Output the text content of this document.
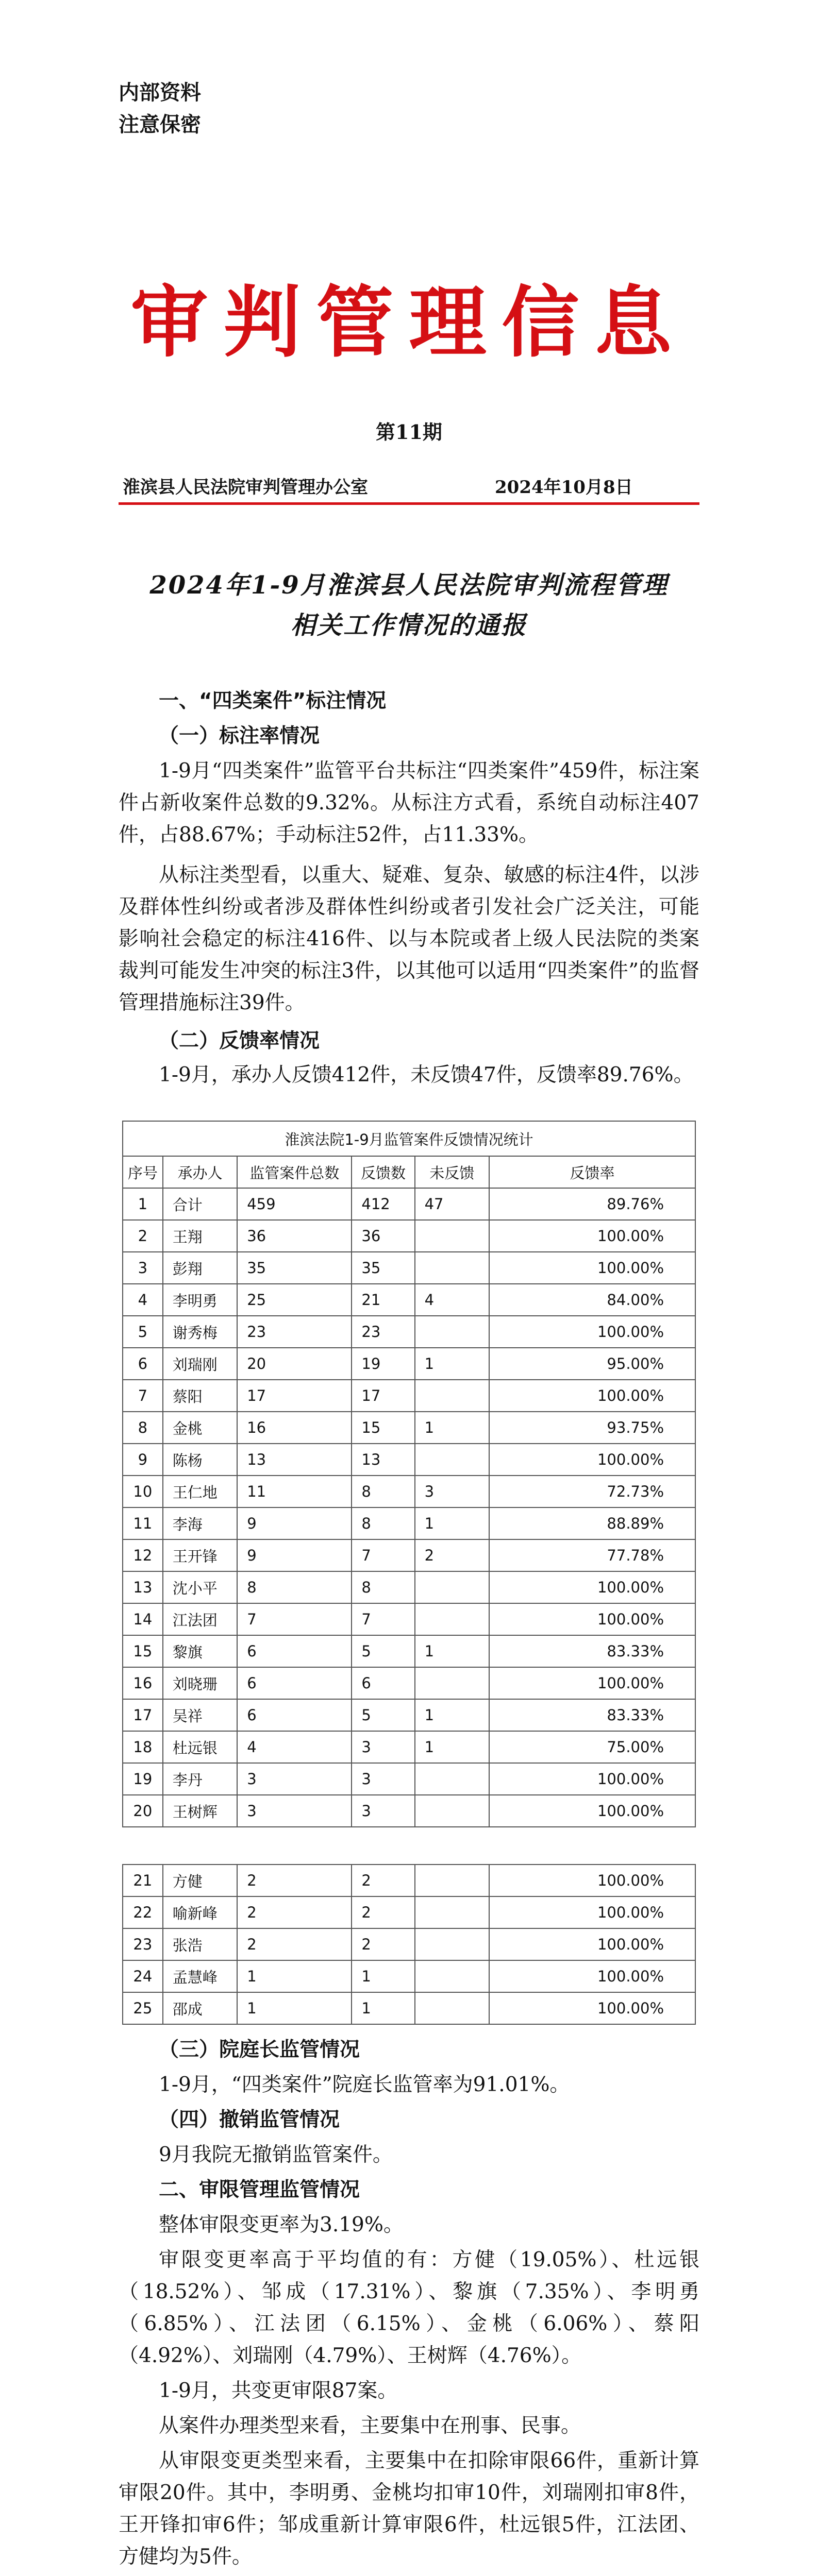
内部资料
注意保密
审判管理信息
第11期
淮滨县人民法院审判管理办公室	2024年10月8日
2024年1-9月淮滨县人民法院审判流程管理
相关工作情况的通报
一、“四类案件”标注情况
（一）标注率情况
1-9月“四类案件”监管平台共标注“四类案件”459件，标注案件占新收案件总数的9.32%。从标注方式看，系统自动标注407件，占88.67%；手动标注52件，占11.33%。
从标注类型看，以重大、疑难、复杂、敏感的标注4件，以涉及群体性纠纷或者涉及群体性纠纷或者引发社会广泛关注，可能影响社会稳定的标注416件、以与本院或者上级人民法院的类案裁判可能发生冲突的标注3件，以其他可以适用“四类案件”的监督管理措施标注39件。
（二）反馈率情况
1-9月，承办人反馈412件，未反馈47件，反馈率89.76%。
淮滨法院1-9月监管案件反馈情况统计					
序号	承办人	监管案件总数	反馈数	未反馈	反馈率
1	合计	459	412	47	89.76%
2	王翔	36	36		100.00%
3	彭翔	35	35		100.00%
4	李明勇	25	21	4	84.00%
5	谢秀梅	23	23		100.00%
6	刘瑞刚	20	19	1	95.00%
7	蔡阳	17	17		100.00%
8	金桃	16	15	1	93.75%
9	陈杨	13	13		100.00%
10	王仁地	11	8	3	72.73%
11	李海	9	8	1	88.89%
12	王开锋	9	7	2	77.78%
13	沈小平	8	8		100.00%
14	江法团	7	7		100.00%
15	黎旗	6	5	1	83.33%
16	刘晓珊	6	6		100.00%
17	吴祥	6	5	1	83.33%
18	杜远银	4	3	1	75.00%
19	李丹	3	3		100.00%
20	王树辉	3	3		100.00%
21	方健	2	2		100.00%
22	喻新峰	2	2		100.00%
23	张浩	2	2		100.00%
24	孟慧峰	1	1		100.00%
25	邵成	1	1		100.00%
（三）院庭长监管情况
1-9月，“四类案件”院庭长监管率为91.01%。
（四）撤销监管情况
9月我院无撤销监管案件。
二、审限管理监管情况
整体审限变更率为3.19%。
审限变更率高于平均值的有：方健（19.05%）、杜远银（18.52%）、邹成（17.31%）、黎旗（7.35%）、李明勇（6.85%）、江法团（6.15%）、金桃（6.06%）、蔡阳（4.92%）、刘瑞刚（4.79%）、王树辉（4.76%）。
1-9月，共变更审限87案。
从案件办理类型来看，主要集中在刑事、民事。
从审限变更类型来看，主要集中在扣除审限66件，重新计算审限20件。其中，李明勇、金桃均扣审10件，刘瑞刚扣审8件，王开锋扣审6件；邹成重新计算审限6件，杜远银5件，江法团、方健均为5件。
